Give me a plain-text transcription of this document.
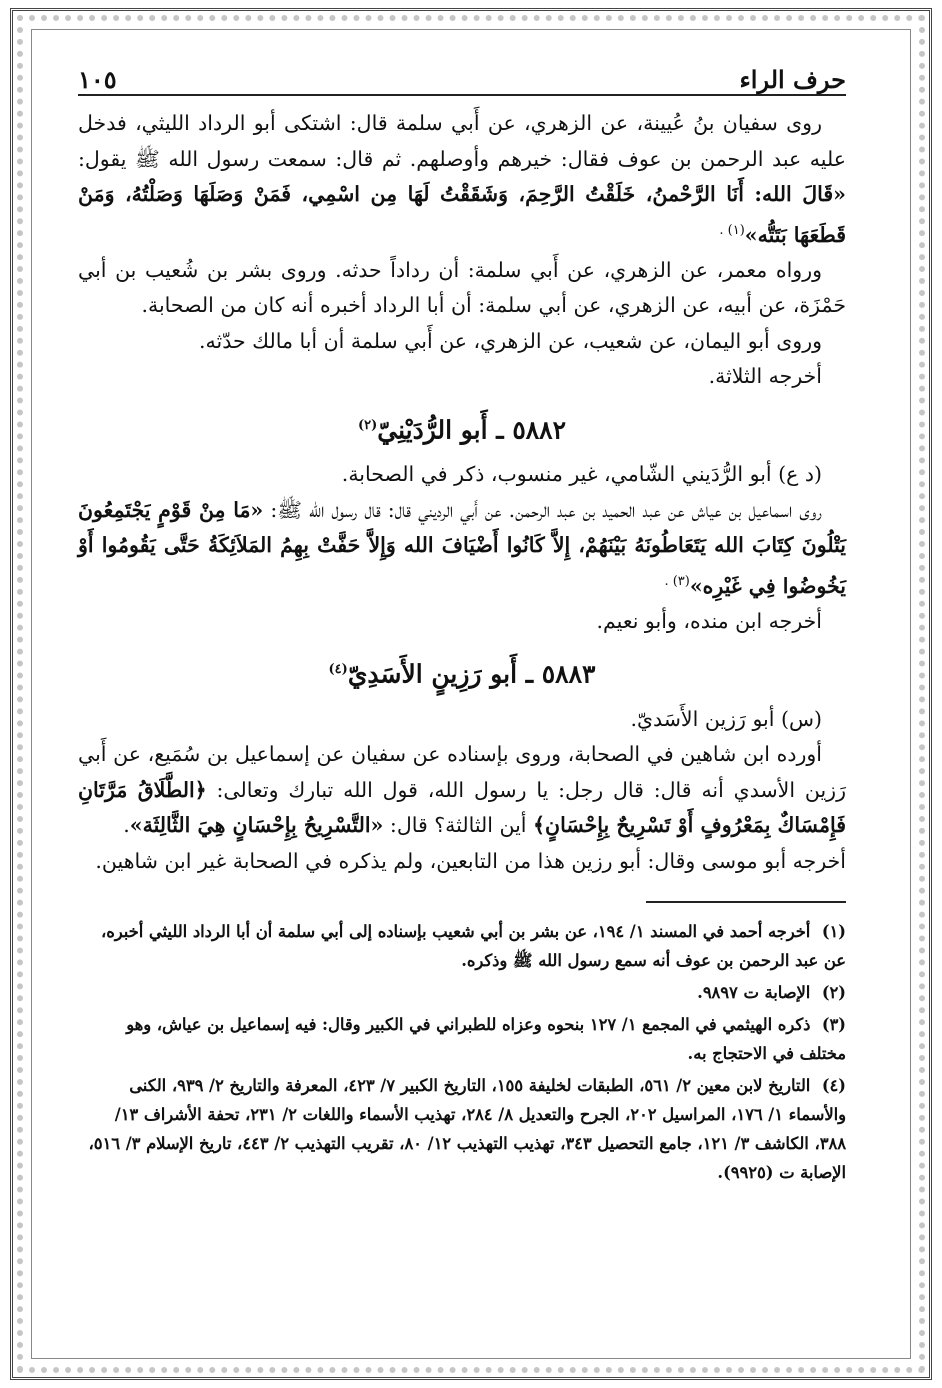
حرف الراء
١٠٥

روى سفيان بنُ عُيينة، عن الزهري، عن أَبي سلمة قال: اشتكى أبو الرداد الليثي، فدخل عليه عبد الرحمن بن عوف فقال: خيرهم وأوصلهم. ثم قال: سمعت رسول الله ﷺ يقول: «قَالَ الله: أَنَا الرَّحْمنُ، خَلَقْتُ الرَّحِمَ، وَشَقَقْتُ لَهَا مِن اسْمِي، فَمَنْ وَصَلَهَا وَصَلْتُهُ، وَمَنْ قَطَعَهَا بَتَتُّه»$^{(١) .}$

ورواه معمر، عن الزهري، عن أَبي سلمة: أن رداداً حدثه. وروى بشر بن شُعيب بن أبي حَمْزَة، عن أبيه، عن الزهري، عن أبي سلمة: أن أبا الرداد أخبره أنه كان من الصحابة.

وروى أبو اليمان، عن شعيب، عن الزهري، عن أَبي سلمة أن أبا مالك حدّثه.

أخرجه الثلاثة.

٥٨٨٢ ـ أَبو الرُّدَيْنِيّ$^{(٢)}$

(د ع) أبو الرُّدَيني الشّامي، غير منسوب، ذكر في الصحابة.

روى اسماعيل بن عياش عن عبد الحميد بن عبد الرحمن. عن أَبي الرديني قال: قال رسول الله ﷺ: «مَا مِنْ قَوْمٍ يَجْتَمِعُونَ يَتْلُونَ كِتَابَ الله يَتَعَاطُونَهُ بَيْنَهُمْ، إِلاَّ كَانُوا أَضْيَافَ الله وَإِلاَّ حَفَّتْ بِهِمُ المَلاَئِكَةُ حَتَّى يَقُومُوا أَوْ يَخُوضُوا فِي غَيْرِه»$^{(٣) .}$

أخرجه ابن منده، وأبو نعيم.

٥٨٨٣ ـ أَبو رَزِينٍ الأَسَدِيّ$^{(٤)}$

(س) أبو رَزين الأَسَديّ.

أورده ابن شاهين في الصحابة، وروى بإسناده عن سفيان عن إسماعيل بن سُمَيع، عن أَبي رَزين الأسدي أنه قال: قال رجل: يا رسول الله، قول الله تبارك وتعالى: ﴿الطَّلَاقُ مَرَّتَانِ فَإِمْسَاكٌ بِمَعْرُوفٍ أَوْ تَسْرِيحٌ بِإِحْسَانٍ﴾ أين الثالثة؟ قال: «التَّسْرِيحُ بِإِحْسَانٍ هِيَ الثَّالِثَة».

أخرجه أبو موسى وقال: أبو رزين هذا من التابعين، ولم يذكره في الصحابة غير ابن شاهين.

(١) أخرجه أحمد في المسند ١/ ١٩٤، عن بشر بن أبي شعيب بإسناده إلى أبي سلمة أن أبا الرداد الليثي أخبره، عن عبد الرحمن بن عوف أنه سمع رسول الله ﷺ وذكره.

(٢) الإصابة ت ٩٨٩٧.

(٣) ذكره الهيثمي في المجمع ١/ ١٢٧ بنحوه وعزاه للطبراني في الكبير وقال: فيه إسماعيل بن عياش، وهو مختلف في الاحتجاج به.

(٤) التاريخ لابن معين ٢/ ٥٦١، الطبقات لخليفة ١٥٥، التاريخ الكبير ٧/ ٤٢٣، المعرفة والتاريخ ٢/ ٩٣٩، الكنى والأسماء ١/ ١٧٦، المراسيل ٢٠٢، الجرح والتعديل ٨/ ٢٨٤، تهذيب الأسماء واللغات ٢/ ٢٣١، تحفة الأشراف ١٣/ ٣٨٨، الكاشف ٣/ ١٢١، جامع التحصيل ٣٤٣، تهذيب التهذيب ١٢/ ٨٠، تقريب التهذيب ٢/ ٤٤٣، تاريخ الإسلام ٣/ ٥١٦، الإصابة ت (٩٩٢٥).
